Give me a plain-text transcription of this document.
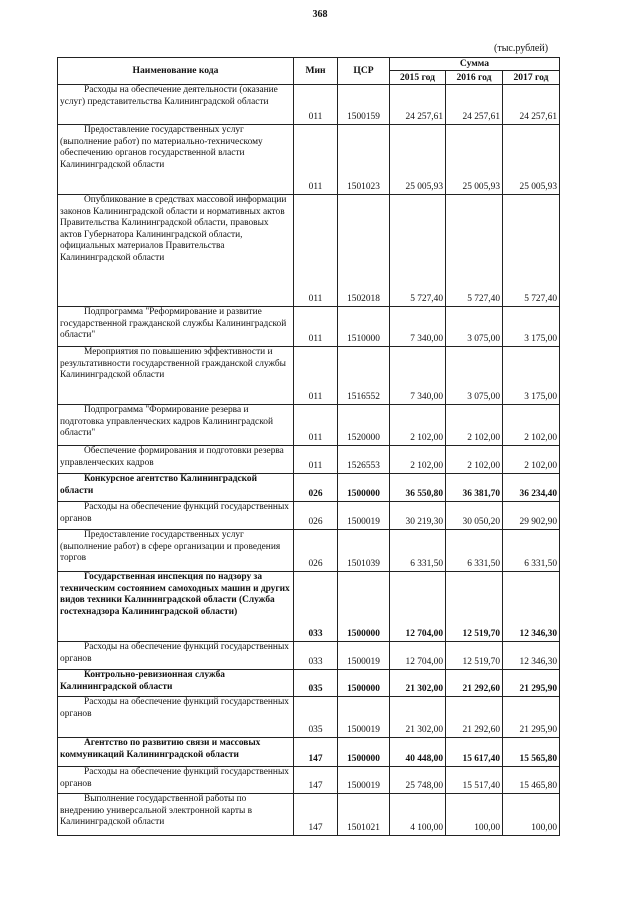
368
(тыс.рублей)
Наименование кода	Мин	ЦСР	Сумма		
			2015 год	2016 год	2017 год

Расходы на обеспечение деятельности (оказание услуг) представительства Калининградской области	011	1500159	24 257,61	24 257,61	24 257,61

Предоставление государственных услуг (выполнение работ) по материально-техническому обеспечению органов государственной власти Калининградской области	011	1501023	25 005,93	25 005,93	25 005,93

Опубликование в средствах массовой информации законов Калининградской области и нормативных актов Правительства Калининградской области, правовых актов Губернатора Калининградской области, официальных материалов Правительства Калининградской области	011	1502018	5 727,40	5 727,40	5 727,40

Подпрограмма "Реформирование и развитие государственной гражданской службы Калининградской области"	011	1510000	7 340,00	3 075,00	3 175,00

Мероприятия по повышению эффективности и результативности государственной гражданской службы Калининградской области	011	1516552	7 340,00	3 075,00	3 175,00

Подпрограмма "Формирование резерва и подготовка управленческих кадров Калининградской области"	011	1520000	2 102,00	2 102,00	2 102,00

Обеспечение формирования и подготовки резерва управленческих кадров	011	1526553	2 102,00	2 102,00	2 102,00

Конкурсное агентство Калининградской области	026	1500000	36 550,80	36 381,70	36 234,40

Расходы на обеспечение функций государственных органов	026	1500019	30 219,30	30 050,20	29 902,90

Предоставление государственных услуг (выполнение работ) в сфере организации и проведения торгов	026	1501039	6 331,50	6 331,50	6 331,50

Государственная инспекция по надзору за техническим состоянием самоходных машин и других видов техники Калининградской области (Служба гостехнадзора Калининградской области)	033	1500000	12 704,00	12 519,70	12 346,30

Расходы на обеспечение функций государственных органов	033	1500019	12 704,00	12 519,70	12 346,30

Контрольно-ревизионная служба Калининградской области	035	1500000	21 302,00	21 292,60	21 295,90

Расходы на обеспечение функций государственных органов	035	1500019	21 302,00	21 292,60	21 295,90

Агентство по развитию связи и массовых коммуникаций Калининградской области	147	1500000	40 448,00	15 617,40	15 565,80

Расходы на обеспечение функций государственных органов	147	1500019	25 748,00	15 517,40	15 465,80

Выполнение государственной работы по внедрению универсальной электронной карты в Калининградской области	147	1501021	4 100,00	100,00	100,00
